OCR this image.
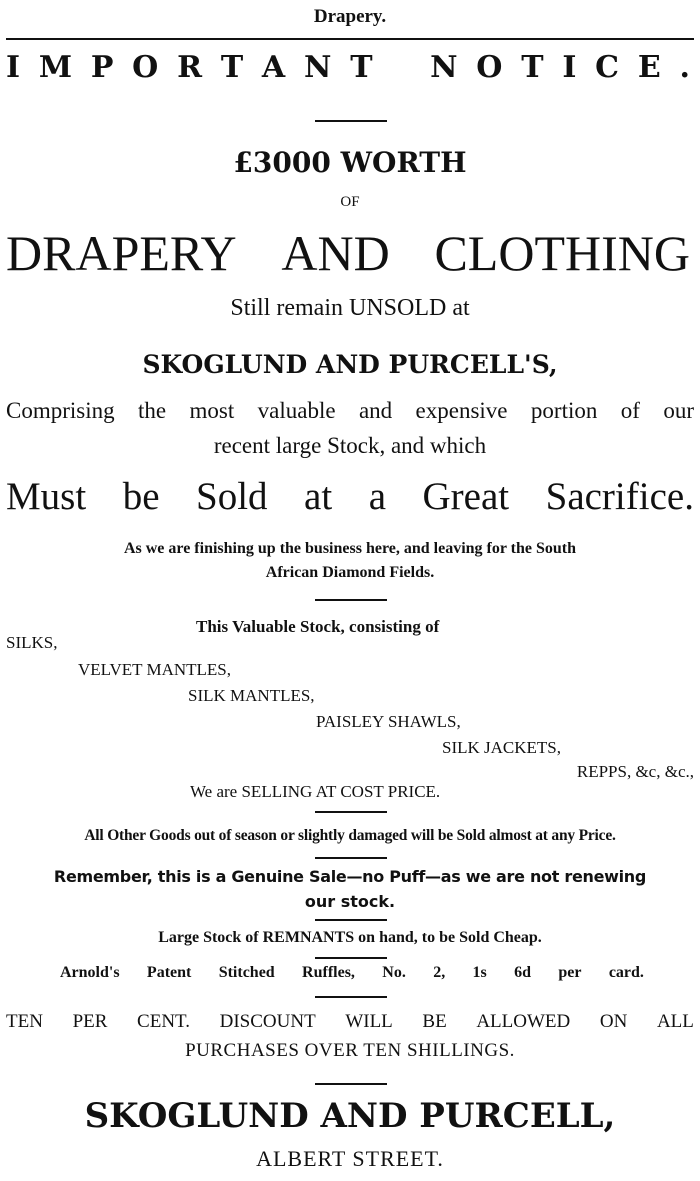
Drapery.
I M P O R T A N T N O T I C E .
£3000 WORTH
OF
DRAPERY AND CLOTHING
Still remain UNSOLD at
SKOGLUND AND PURCELL'S,
Comprising the most valuable and expensive portion of our
recent large Stock, and which
Must be Sold at a Great Sacrifice.
As we are finishing up the business here, and leaving for the South
African Diamond Fields.
This Valuable Stock, consisting of
SILKS,
VELVET MANTLES,
SILK MANTLES,
PAISLEY SHAWLS,
SILK JACKETS,
REPPS, &c, &c.,
We are SELLING AT COST PRICE.
All Other Goods out of season or slightly damaged will be Sold almost at any Price.
Remember, this is a Genuine Sale—no Puff—as we are not renewing
our stock.
Large Stock of REMNANTS on hand, to be Sold Cheap.
Arnold's Patent Stitched Ruffles, No. 2, 1s 6d per card.
TEN PER CENT. DISCOUNT WILL BE ALLOWED ON ALL
PURCHASES OVER TEN SHILLINGS.
SKOGLUND AND PURCELL,
ALBERT STREET.
